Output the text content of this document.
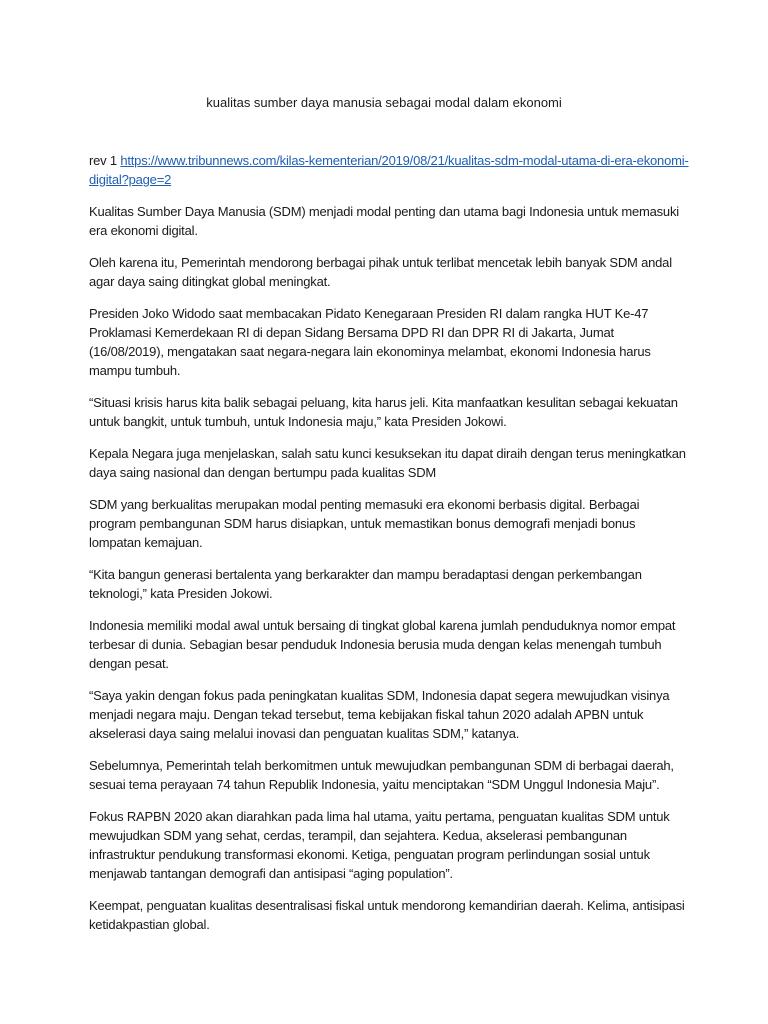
kualitas sumber daya manusia sebagai modal dalam ekonomi

rev 1 https://www.tribunnews.com/kilas-kementerian/2019/08/21/kualitas-sdm-modal-utama-di-era-ekonomi-digital?page=2

Kualitas Sumber Daya Manusia (SDM) menjadi modal penting dan utama bagi Indonesia untuk memasuki era ekonomi digital.

Oleh karena itu, Pemerintah mendorong berbagai pihak untuk terlibat mencetak lebih banyak SDM andal agar daya saing ditingkat global meningkat.

Presiden Joko Widodo saat membacakan Pidato Kenegaraan Presiden RI dalam rangka HUT Ke-47 Proklamasi Kemerdekaan RI di depan Sidang Bersama DPD RI dan DPR RI di Jakarta, Jumat (16/08/2019), mengatakan saat negara-negara lain ekonominya melambat, ekonomi Indonesia harus mampu tumbuh.

“Situasi krisis harus kita balik sebagai peluang, kita harus jeli. Kita manfaatkan kesulitan sebagai kekuatan untuk bangkit, untuk tumbuh, untuk Indonesia maju,” kata Presiden Jokowi.

Kepala Negara juga menjelaskan, salah satu kunci kesuksekan itu dapat diraih dengan terus meningkatkan daya saing nasional dan dengan bertumpu pada kualitas SDM

SDM yang berkualitas merupakan modal penting memasuki era ekonomi berbasis digital. Berbagai program pembangunan SDM harus disiapkan, untuk memastikan bonus demografi menjadi bonus lompatan kemajuan.

“Kita bangun generasi bertalenta yang berkarakter dan mampu beradaptasi dengan perkembangan teknologi,” kata Presiden Jokowi.

Indonesia memiliki modal awal untuk bersaing di tingkat global karena jumlah penduduknya nomor empat terbesar di dunia. Sebagian besar penduduk Indonesia berusia muda dengan kelas menengah tumbuh dengan pesat.

“Saya yakin dengan fokus pada peningkatan kualitas SDM, Indonesia dapat segera mewujudkan visinya menjadi negara maju. Dengan tekad tersebut, tema kebijakan fiskal tahun 2020 adalah APBN untuk akselerasi daya saing melalui inovasi dan penguatan kualitas SDM,” katanya.

Sebelumnya, Pemerintah telah berkomitmen untuk mewujudkan pembangunan SDM di berbagai daerah, sesuai tema perayaan 74 tahun Republik Indonesia, yaitu menciptakan “SDM Unggul Indonesia Maju”.

Fokus RAPBN 2020 akan diarahkan pada lima hal utama, yaitu pertama, penguatan kualitas SDM untuk mewujudkan SDM yang sehat, cerdas, terampil, dan sejahtera. Kedua, akselerasi pembangunan infrastruktur pendukung transformasi ekonomi. Ketiga, penguatan program perlindungan sosial untuk menjawab tantangan demografi dan antisipasi “aging population”.

Keempat, penguatan kualitas desentralisasi fiskal untuk mendorong kemandirian daerah. Kelima, antisipasi ketidakpastian global.
